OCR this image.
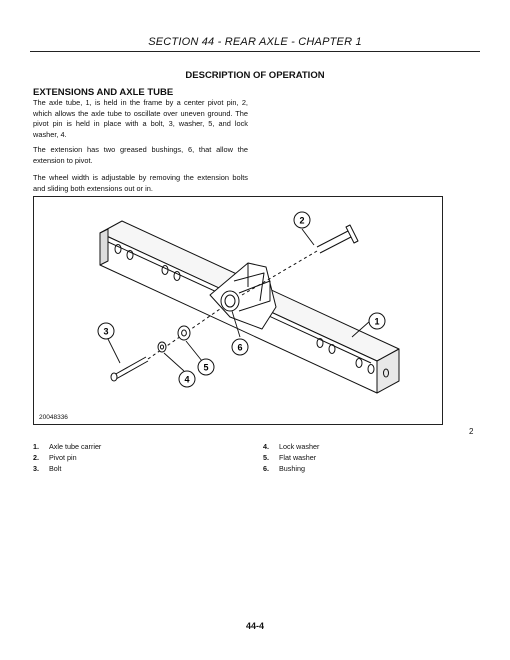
SECTION 44 - REAR AXLE - CHAPTER 1
DESCRIPTION OF OPERATION
EXTENSIONS AND AXLE TUBE

The axle tube, 1, is held in the frame by a center pivot pin, 2, which allows the axle tube to oscillate over uneven ground. The pivot pin is held in place with a bolt, 3, washer, 5, and lock washer, 4.

The extension has two greased bushings, 6, that allow the extension to pivot.

The wheel width is adjustable by removing the extension bolts and sliding both extensions out or in.

2
1
3
6
5
4
20048336
2
1. Axle tube carrier
2. Pivot pin
3. Bolt
4. Lock washer
5. Flat washer
6. Bushing
44-4
